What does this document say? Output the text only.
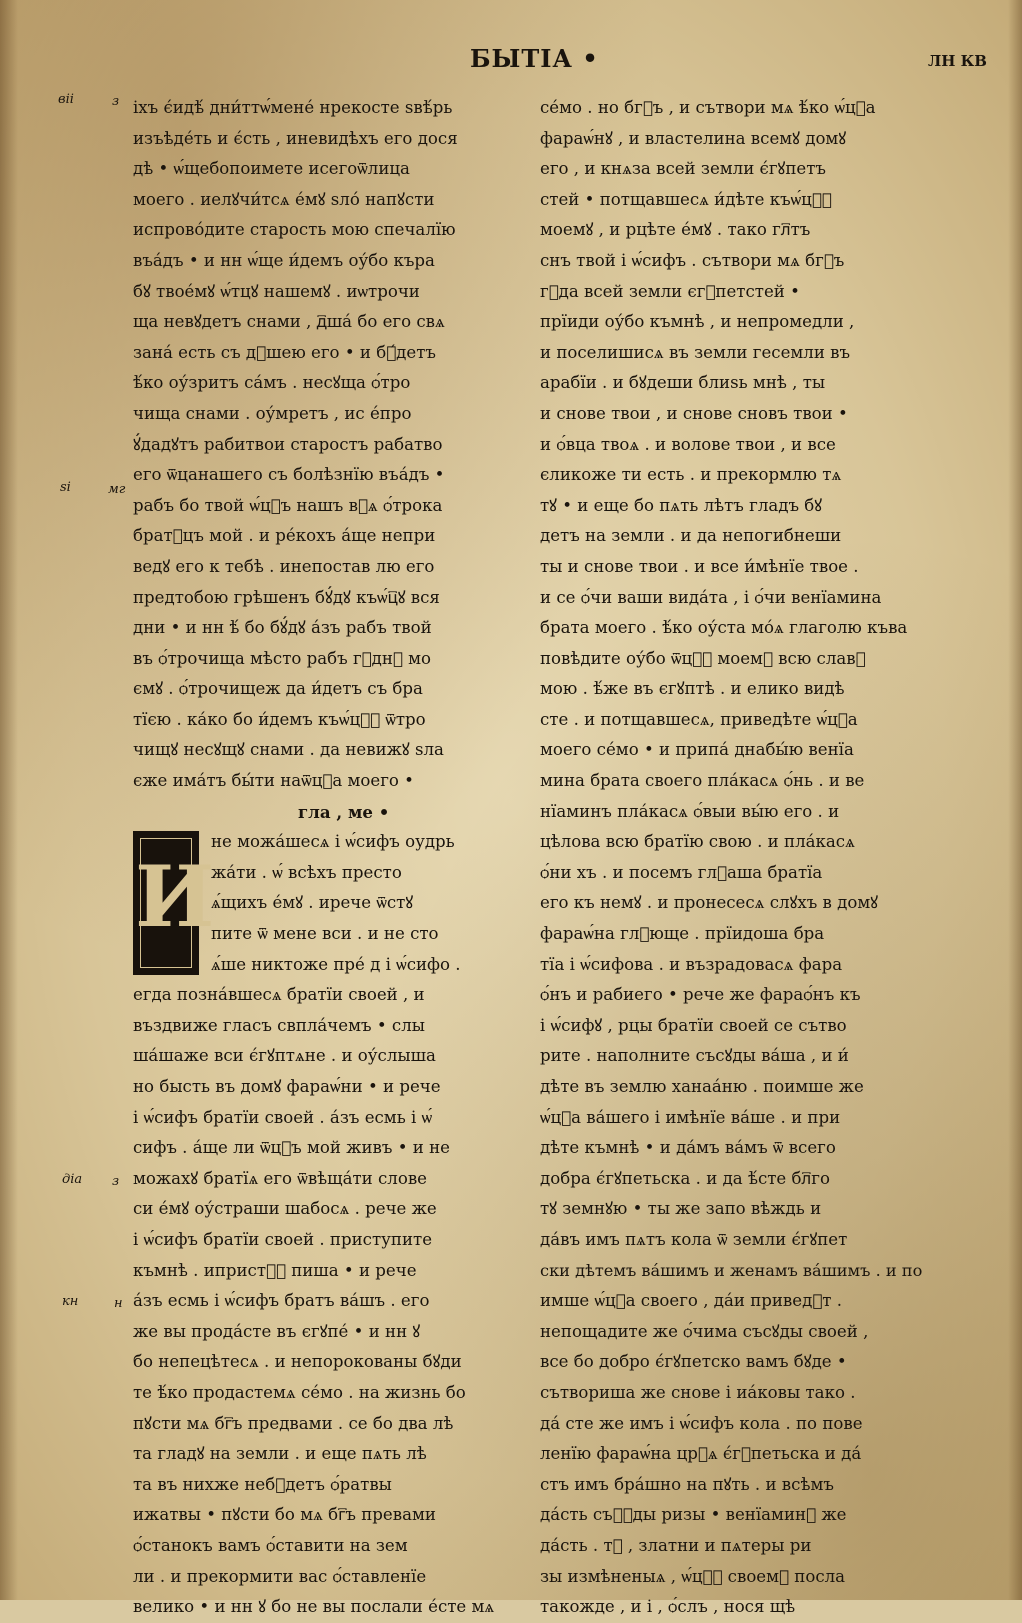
БЫТІА •	ЛН КВ
віі	з
ѕі	мг
діа з
кн	н
іхъ є́идѣ́ дни́ттѡ́мене́ нрекосте ѕвѣ́рь
изъѣде́ть и є́сть , иневидѣхъ его дося
дѣ • ѡ́щебопоимете исегоѿлица
моего . иелꙋчи́тсѧ е́мꙋ ѕло́ напꙋсти
испрово́дите старость мою спечалїю
въа́дъ • и нн ѡ́ще и́демъ оу́бо къра
бꙋ твое́мꙋ ѡ́тцꙋ нашемꙋ . иѡтрочи
ща невꙋдетъ снами , д꙯ша́ бо его свѧ
зана́ есть съ д꙯шею его • и бꙋ́детъ
ѣ́ко оу́зритъ са́мъ . несꙋща ѻ́тро
чища снами . оу́мретъ , ис е́про
ꙋ́дадꙋтъ рабитвои старостъ рабатво
его ѿцанашего съ болѣзнїю въа́дъ •
рабъ бо твой ѡ́ц꙯ъ нашъ вꙁѧ ѻ́трока
брат꙯цъ мой . и ре́кохъ а́ще непри
ведꙋ его к тебѣ . инепостав лю его
предтобою грѣшенъ бꙋ́дꙋ къѡ́ц꙯ꙋ вся
дни • и нн ѣ́ бо бꙋ́дꙋ а́зъ рабъ твой
въ ѻ́трочища мѣсто рабъ г꙯днꙋ мо
ємꙋ . ѻ́трочищеж да и́детъ съ бра
тїєю . ка́ко бо и́демъ къѡ́ц꙯ꙋ ѿтро
чищꙋ несꙋщꙋ снами . да невижꙋ ѕла
єже има́тъ бы́ти наѿц꙯а моего •
гла , ме •
И
не можа́шесѧ і ѡ́сифъ оудрь
жа́ти . ѡ́ всѣхъ престо
ѧ́щихъ е́мꙋ . ирече ѿстꙋ
пите ѿ мене вси . и не сто
ѧ́ше никтоже пре́ д і ѡ́сифо .
егда позна́вшесѧ братїи своей , и
въздвиже гласъ свпла́чемъ • слы
ша́шаже вси є́гꙋптѧне . и оу́слыша
но бысть въ домꙋ фараѡ́ни • и рече
і ѡ́сифъ братїи своей . а́зъ есмь і ѡ́
сифъ . а́ще ли ѿц꙯ъ мой живъ • и не
можахꙋ братїѧ его ѿвѣща́ти слове
си е́мꙋ оу́страши шабосѧ . рече же
і ѡ́сифъ братїи своей . приступите
къмнѣ . иприст꙯ꙋ пиша • и рече
а́зъ есмь і ѡ́сифъ братъ ва́шъ . его
же вы прода́сте въ єгꙋпе́ • и нн ꙋ
бо непецѣтесѧ . и непорокованы бꙋди
те ѣ́ко продастемѧ се́мо . на жизнь бо
пꙋсти мѧ бг꙯ъ предвами . се бо два лѣ
та гладꙋ на земли . и еще пѧть лѣ
та въ нихже неб꙯детъ ѻ́ратвы
ижатвы • пꙋсти бо мѧ бг꙯ъ превами
ѻ́станокъ вамъ ѻ́ставити на зем
ли . и прекормити вас ѻ́ставленїе
велико • и нн ꙋ бо не вы послали е́сте мѧ
се́мо . но бг꙯ъ , и сътвори мѧ ѣ́ко ѡ́ц꙯а
фараѡ́нꙋ , и властелина всемꙋ домꙋ
его , и кнѧза всей земли є́гꙋпетъ
стей • потщавшесѧ и́дѣте къѡ́ц꙯ꙋ
моемꙋ , и рцѣте е́мꙋ . тако гл꙯тъ
снъ твой і ѡ́сифъ . сътвори мѧ бг꙯ъ
г꙯да всей земли єгꙋпетстей •
прїиди оу́бо къмнѣ , и непромедли ,
и поселишисѧ въ земли гесемли въ
арабїи . и бꙋдеши блиѕь мнѣ , ты
и снове твои , и снове сновъ твои •
и ѻ́вца твоѧ . и волове твои , и все
єликоже ти есть . и прекормлю тѧ
тꙋ • и еще бо пѧть лѣтъ гладъ бꙋ
детъ на земли . и да непогибнеши
ты и снове твои . и все и́мѣнїе твое .
и се ѻ́чи ваши вида́та , і ѻ́чи венїамина
брата моего . ѣ́ко оу́ста мо́ѧ глаголю къва
повѣдите оу́бо ѿц꙯ꙋ моемꙋ всю славꙋ
мою . ѣ́же въ єгꙋптѣ . и елико видѣ
сте . и потщавшесѧ, приведѣте ѡ́ц꙯а
моего се́мо • и припа́ днабы́ю венїа
мина брата своего пла́касѧ ѻ́нь . и ве
нїаминъ пла́касѧ ѻ́выи вы́ю его . и
цѣлова всю братїю свою . и пла́касѧ
ѻ́ни хъ . и посемъ гл꙯аша братїа
его къ немꙋ . и пронесесѧ слꙋхъ в домꙋ
фараѡ́на гл꙯юще . прїидоша бра
тїа і ѡ́сифова . и възрадовасѧ фара
ѻ́нъ и рабиего • рече же фараѻ́нъ къ
і ѡ́сифꙋ , рцы братїи своей се сътво
рите . наполните съсꙋды ва́ша , и и́
дѣте въ землю ханаа́ню . поимше же
ѡ́ц꙯а ва́шего і имѣнїе ва́ше . и при
дѣте къмнѣ • и да́мъ ва́мъ ѿ всего
добра є́гꙋпетьска . и да ѣ́сте бл꙯го
тꙋ земнꙋю • ты же запо вѣждь и
да́въ имъ пѧтъ кола ѿ земли є́гꙋпет
ски дѣтемъ ва́шимъ и женамъ ва́шимъ . и по
имше ѡ́ц꙯а своего , да́и приведꙋт .
непощадите же ѻ́чима съсꙋды своей ,
все бо добро є́гꙋпетско вамъ бꙋде •
сътвориша же снове і иа́ковы тако .
да́ сте же имъ і ѡ́сифъ кола . по пове
ленїю фараѡ́на цр꙯ѧ є́гꙋпетьска и да́
стъ имъ бра́шно на пꙋть . и всѣмъ
да́сть съ꙯ꙋды ризы • венїаминꙋ же
да́сть . т꙯ , златни и пѧтеры ри
зы измѣненыѧ , ѡ́ц꙯ꙋ своемꙋ посла
такожде , и і , ѻ́слъ , нося щѣ
